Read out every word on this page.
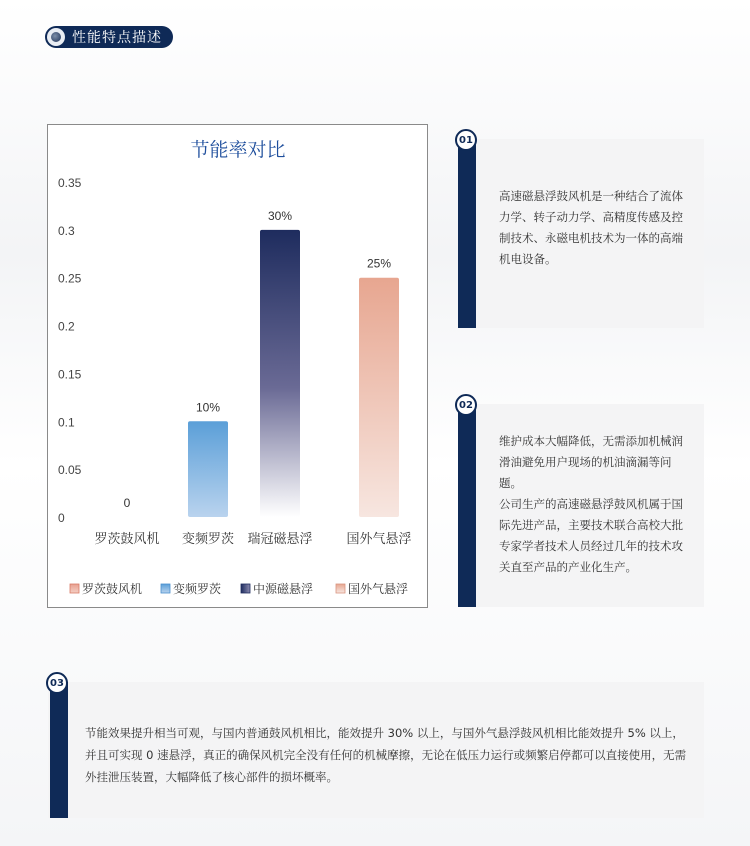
性能特点描述
节能率对比
0
0.05
0.1
0.15
0.2
0.25
0.3
0.35
0
10%
30%
25%
罗茨鼓风机 变频罗茨 瑞冠磁悬浮	国外气悬浮
罗茨鼓风机	变频罗茨	中源磁悬浮	国外气悬浮
高速磁悬浮鼓风机是一种结合了流体力学、转子动力学、高精度传感及控制技术、永磁电机技术为一体的高端机电设备。
01

维护成本大幅降低，无需添加机械润滑油避免用户现场的机油滴漏等问题。

公司生产的高速磁悬浮鼓风机属于国际先进产品，主要技术联合高校大批专家学者技术人员经过几年的技术攻关直至产品的产业化生产。

02
节能效果提升相当可观，与国内普通鼓风机相比，能效提升 30% 以上，与国外气悬浮鼓风机相比能效提升 5% 以上，并且可实现 0 速悬浮，真正的确保风机完全没有任何的机械摩擦，无论在低压力运行或频繁启停都可以直接使用，无需外挂泄压装置，大幅降低了核心部件的损坏概率。
03
